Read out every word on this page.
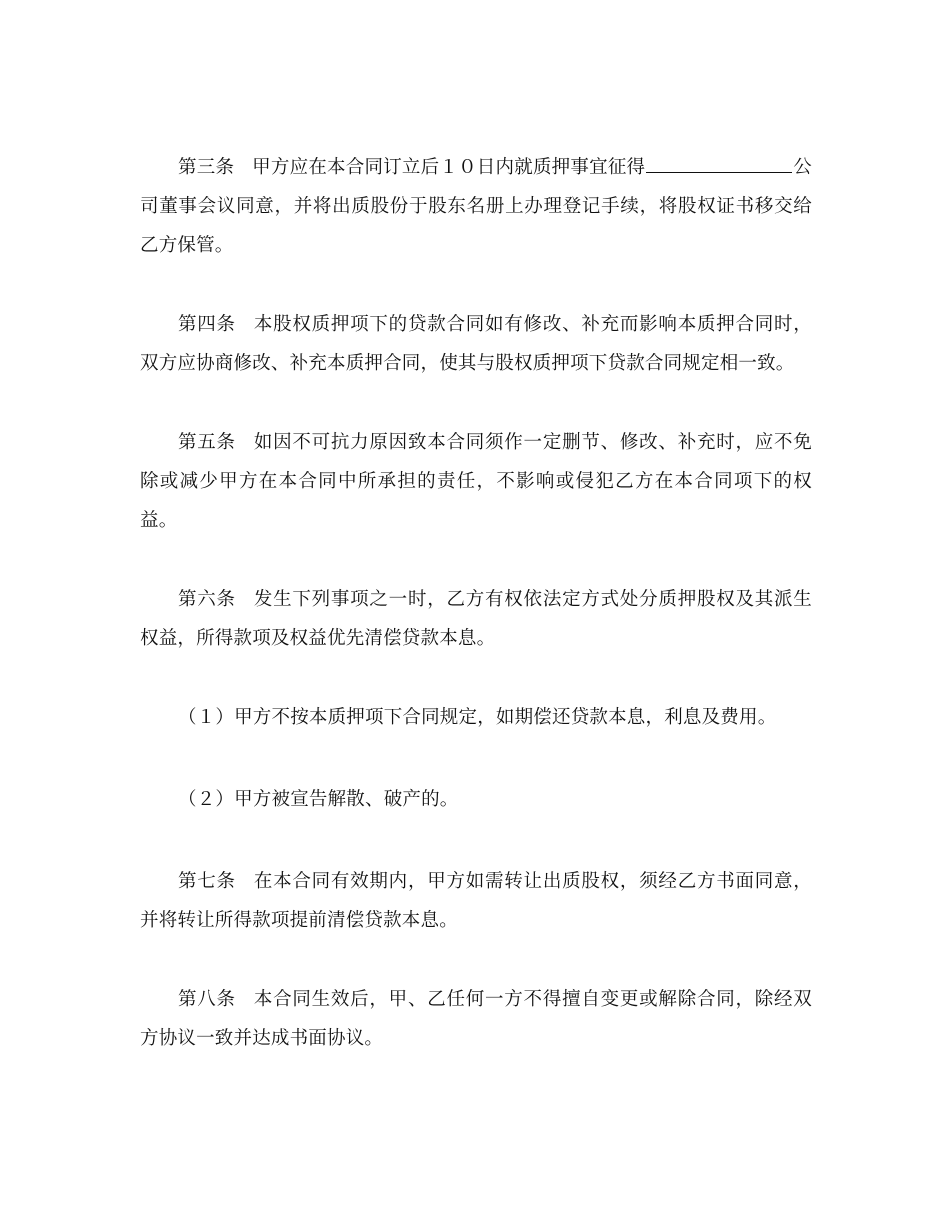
第三条 甲方应在本合同订立后１０日内就质押事宜征得	公司董事会议同意，并将出质股份于股东名册上办理登记手续，将股权证书移交给乙方保管。

第四条 本股权质押项下的贷款合同如有修改、补充而影响本质押合同时，双方应协商修改、补充本质押合同，使其与股权质押项下贷款合同规定相一致。

第五条 如因不可抗力原因致本合同须作一定删节、修改、补充时，应不免除或减少甲方在本合同中所承担的责任，不影响或侵犯乙方在本合同项下的权益。

第六条 发生下列事项之一时，乙方有权依法定方式处分质押股权及其派生权益，所得款项及权益优先清偿贷款本息。

（１）甲方不按本质押项下合同规定，如期偿还贷款本息，利息及费用。

（２）甲方被宣告解散、破产的。

第七条 在本合同有效期内，甲方如需转让出质股权，须经乙方书面同意，并将转让所得款项提前清偿贷款本息。

第八条 本合同生效后，甲、乙任何一方不得擅自变更或解除合同，除经双方协议一致并达成书面协议。
